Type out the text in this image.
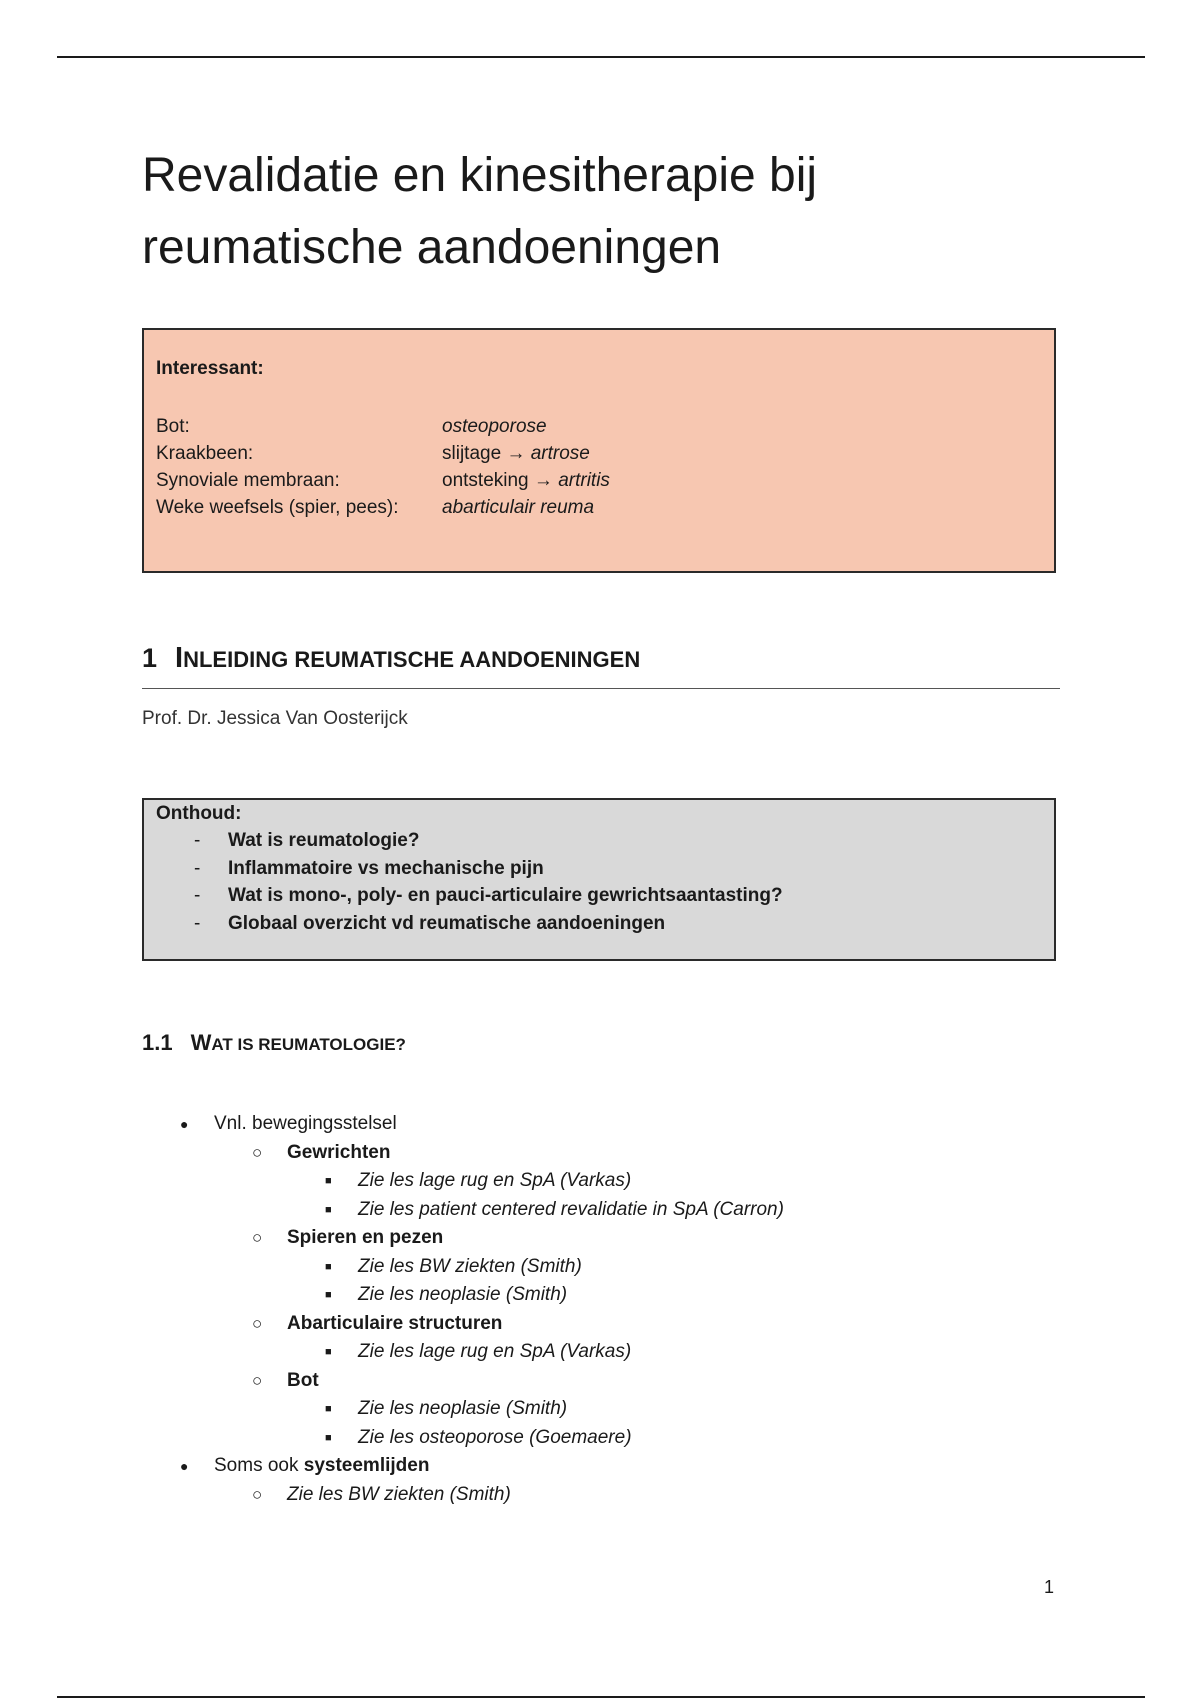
Revalidatie en kinesitherapie bij reumatische aandoeningen
Interessant:
Bot:	osteoporose
Kraakbeen:	slijtage → artrose
Synoviale membraan:	ontsteking → artritis
Weke weefsels (spier, pees):	abarticulair reuma
1 INLEIDING REUMATISCHE AANDOENINGEN
Prof. Dr. Jessica Van Oosterijck
Onthoud:
- Wat is reumatologie?
- Inflammatoire vs mechanische pijn
- Wat is mono-, poly- en pauci-articulaire gewrichtsaantasting?
- Globaal overzicht vd reumatische aandoeningen
1.1 WAT IS REUMATOLOGIE?
● Vnl. bewegingsstelsel
○ Gewrichten
■ Zie les lage rug en SpA (Varkas)
■ Zie les patient centered revalidatie in SpA (Carron)
○ Spieren en pezen
■ Zie les BW ziekten (Smith)
■ Zie les neoplasie (Smith)
○ Abarticulaire structuren
■ Zie les lage rug en SpA (Varkas)
○ Bot
■ Zie les neoplasie (Smith)
■ Zie les osteoporose (Goemaere)
● Soms ook systeemlijden
○ Zie les BW ziekten (Smith)
1
